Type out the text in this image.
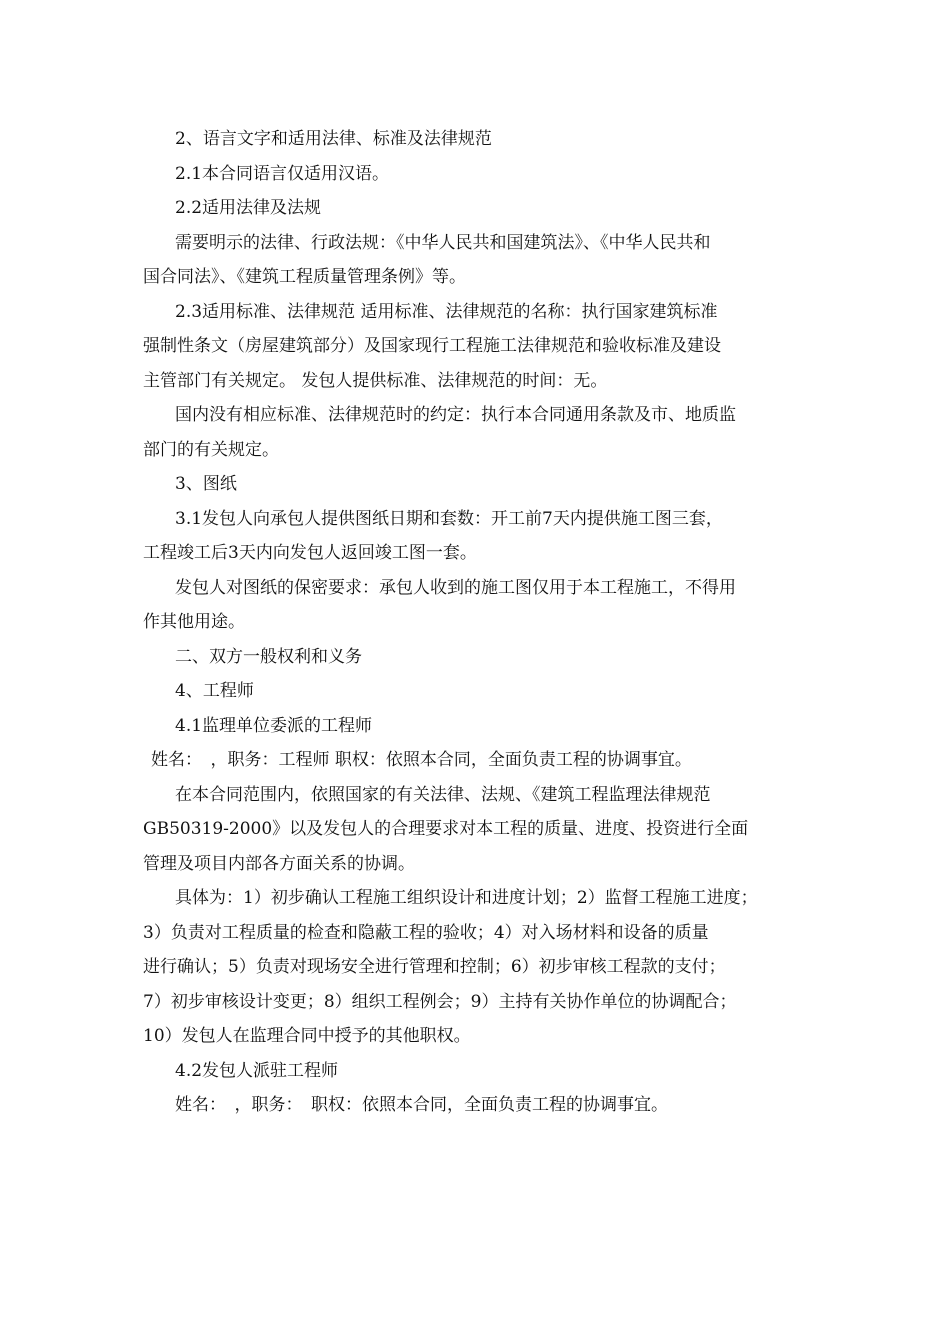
2、语言文字和适用法律、标准及法律规范
2.1本合同语言仅适用汉语。
2.2适用法律及法规
需要明示的法律、行政法规：《中华人民共和国建筑法》、《中华人民共和
国合同法》、《建筑工程质量管理条例》等。
2.3适用标准、法律规范 适用标准、法律规范的名称：执行国家建筑标准
强制性条文（房屋建筑部分）及国家现行工程施工法律规范和验收标准及建设
主管部门有关规定。 发包人提供标准、法律规范的时间：无。
国内没有相应标准、法律规范时的约定：执行本合同通用条款及市、地质监
部门的有关规定。
3、图纸
3.1发包人向承包人提供图纸日期和套数：开工前7天内提供施工图三套，
工程竣工后3天内向发包人返回竣工图一套。
发包人对图纸的保密要求：承包人收到的施工图仅用于本工程施工，不得用
作其他用途。
二、双方一般权利和义务
4、工程师
4.1监理单位委派的工程师
姓名：　，职务：工程师 职权：依照本合同，全面负责工程的协调事宜。
在本合同范围内，依照国家的有关法律、法规、《建筑工程监理法律规范
GB50319-2000》以及发包人的合理要求对本工程的质量、进度、投资进行全面
管理及项目内部各方面关系的协调。
具体为：1）初步确认工程施工组织设计和进度计划；2）监督工程施工进度；
3）负责对工程质量的检查和隐蔽工程的验收；4）对入场材料和设备的质量
进行确认；5）负责对现场安全进行管理和控制；6）初步审核工程款的支付；
7）初步审核设计变更；8）组织工程例会；9）主持有关协作单位的协调配合；
10）发包人在监理合同中授予的其他职权。
4.2发包人派驻工程师
姓名：　，职务：　职权：依照本合同，全面负责工程的协调事宜。
